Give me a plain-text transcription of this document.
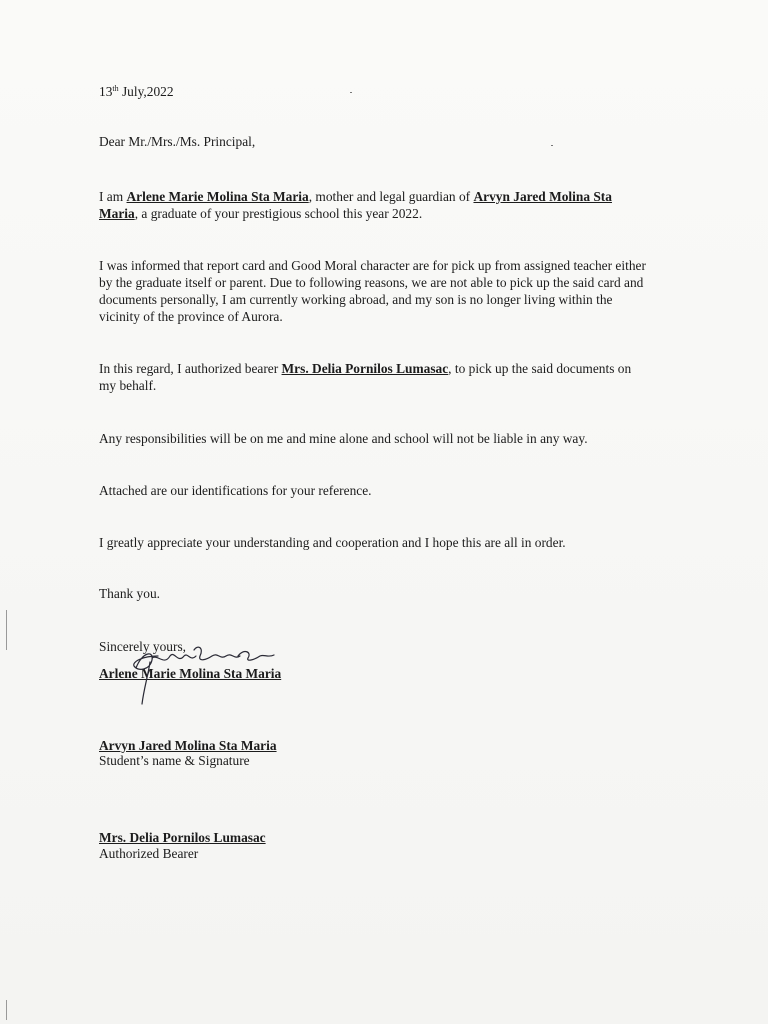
13th July,2022
Dear Mr./Mrs./Ms. Principal,
I am Arlene Marie Molina Sta Maria, mother and legal guardian of Arvyn Jared Molina Sta
Maria, a graduate of your prestigious school this year 2022.
I was informed that report card and Good Moral character are for pick up from assigned teacher either
by the graduate itself or parent. Due to following reasons, we are not able to pick up the said card and
documents personally, I am currently working abroad, and my son is no longer living within the
vicinity of the province of Aurora.
In this regard, I authorized bearer Mrs. Delia Pornilos Lumasac, to pick up the said documents on
my behalf.
Any responsibilities will be on me and mine alone and school will not be liable in any way.
Attached are our identifications for your reference.
I greatly appreciate your understanding and cooperation and I hope this are all in order.
Thank you.
Sincerely yours,
Arlene Marie Molina Sta Maria
Arvyn Jared Molina Sta Maria
Student’s name & Signature
Mrs. Delia Pornilos Lumasac
Authorized Bearer
